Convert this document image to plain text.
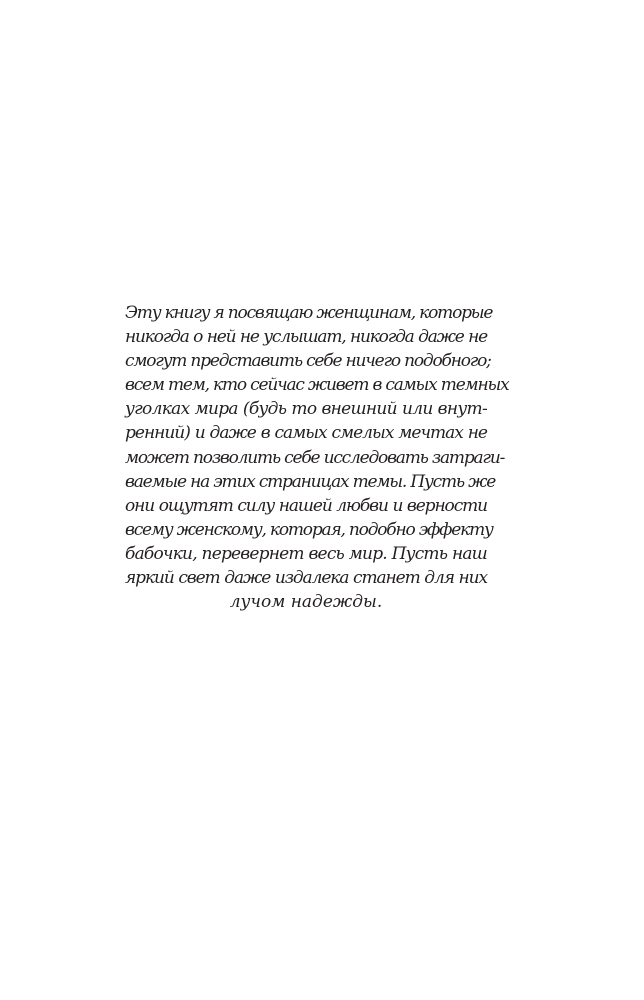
Эту книгу я посвящаю женщинам, которые
никогда о ней не услышат, никогда даже не
смогут представить себе ничего подобного;
всем тем, кто сейчас живет в самых темных
уголках мира (будь то внешний или внут-
ренний) и даже в самых смелых мечтах не
может позволить себе исследовать затраги-
ваемые на этих страницах темы. Пусть же
они ощутят силу нашей любви и верности
всему женскому, которая, подобно эффекту
бабочки, перевернет весь мир. Пусть наш
яркий свет даже издалека станет для них
лучом надежды.
